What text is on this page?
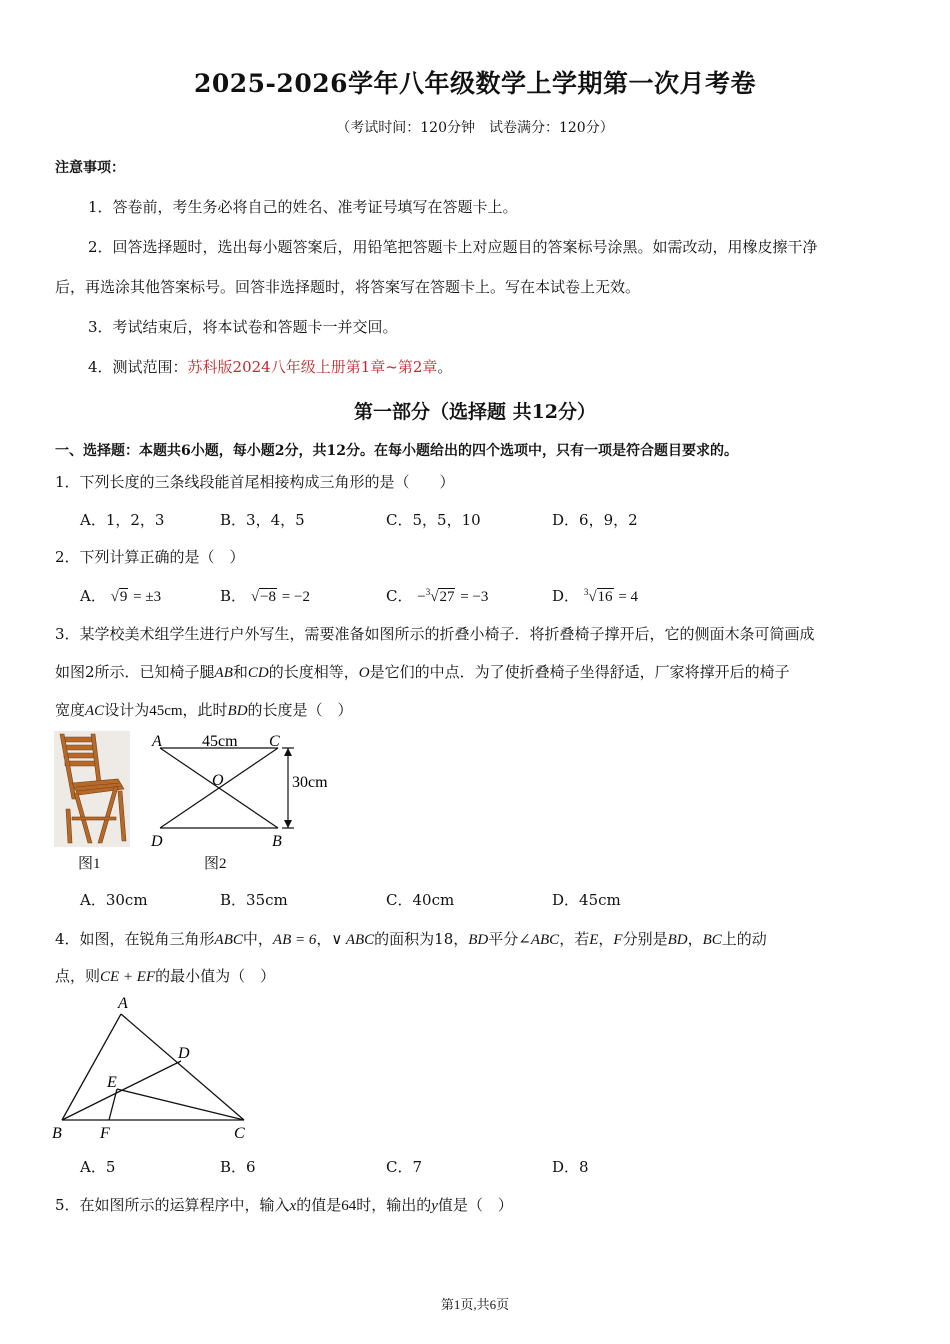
2025-2026学年八年级数学上学期第一次月考卷
（考试时间：120分钟　试卷满分：120分）
注意事项：
1．答卷前，考生务必将自己的姓名、准考证号填写在答题卡上。
2．回答选择题时，选出每小题答案后，用铅笔把答题卡上对应题目的答案标号涂黑。如需改动，用橡皮擦干净
后，再选涂其他答案标号。回答非选择题时，将答案写在答题卡上。写在本试卷上无效。
3．考试结束后，将本试卷和答题卡一并交回。
4．测试范围：苏科版2024八年级上册第1章~第2章。
第一部分（选择题 共12分）
一、选择题：本题共6小题，每小题2分，共12分。在每小题给出的四个选项中，只有一项是符合题目要求的。
1．下列长度的三条线段能首尾相接构成三角形的是（　　）
A．1，2，3	B．3，4，5	C．5，5，10	D．6，9，2
2．下列计算正确的是（　）
A． √9 = ±3	B． √−8 = −2	C． −$^3$√27 = −3	D． $^3$√16 = 4
3．某学校美术组学生进行户外写生，需要准备如图所示的折叠小椅子．将折叠椅子撑开后，它的侧面木条可简画成
如图2所示．已知椅子腿AB和CD的长度相等，O是它们的中点．为了使折叠椅子坐得舒适，厂家将撑开后的椅子
宽度AC设计为45cm，此时BD的长度是（　）
图1
A	45cm C
O	30cm
D	B
图2
A．30cm	B．35cm	C．40cm	D．45cm
4．如图，在锐角三角形ABC中，AB = 6，∨ ABC的面积为18，BD平分∠ABC，若E，F分别是BD，BC上的动
点，则CE + EF的最小值为（　）
A
D
E
B F	C
A．5	B．6	C．7	D．8
5．在如图所示的运算程序中，输入x的值是64时，输出的y值是（　）
第1页,共6页
